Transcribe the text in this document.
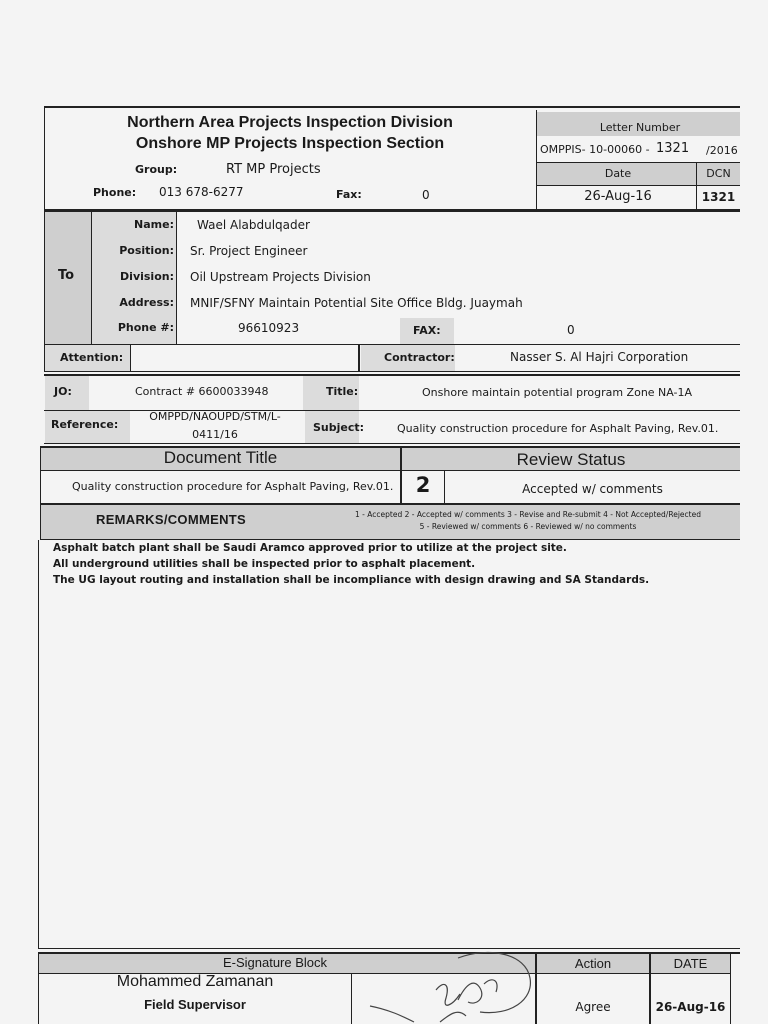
Northern Area Projects Inspection Division
Onshore MP Projects Inspection Section
Group:	RT MP Projects
Phone: 013 678-6277	Fax:	0
Letter Number
OMPPIS- 10-00060 - 1321 /2016
Date	DCN
26-Aug-16	1321
To
Name: Wael Alabdulqader
Position: Sr. Project Engineer
Division: Oil Upstream Projects Division
Address: MNIF/SFNY Maintain Potential Site Office Bldg. Juaymah
Phone #:	96610923	FAX:	0
Attention:	Contractor:	Nasser S. Al Hajri Corporation
JO:	Contract # 6600033948	Title:	Onshore maintain potential program Zone NA-1A
Reference:
OMPPD/NAOUPD/STM/L-
0411/16
Subject:	Quality construction procedure for Asphalt Paving, Rev.01.
Document Title	Review Status
Quality construction procedure for Asphalt Paving, Rev.01.	2	Accepted w/ comments
REMARKS/COMMENTS	1 - Accepted 2 - Accepted w/ comments 3 - Revise and Re-submit 4 - Not Accepted/Rejected
5 - Reviewed w/ comments 6 - Reviewed w/ no comments
Asphalt batch plant shall be Saudi Aramco approved prior to utilize at the project site.
All underground utilities shall be inspected prior to asphalt placement.
The UG layout routing and installation shall be incompliance with design drawing and SA Standards.
E-Signature Block	Action	DATE
Mohammed Zamanan
Field Supervisor	Agree	26-Aug-16
